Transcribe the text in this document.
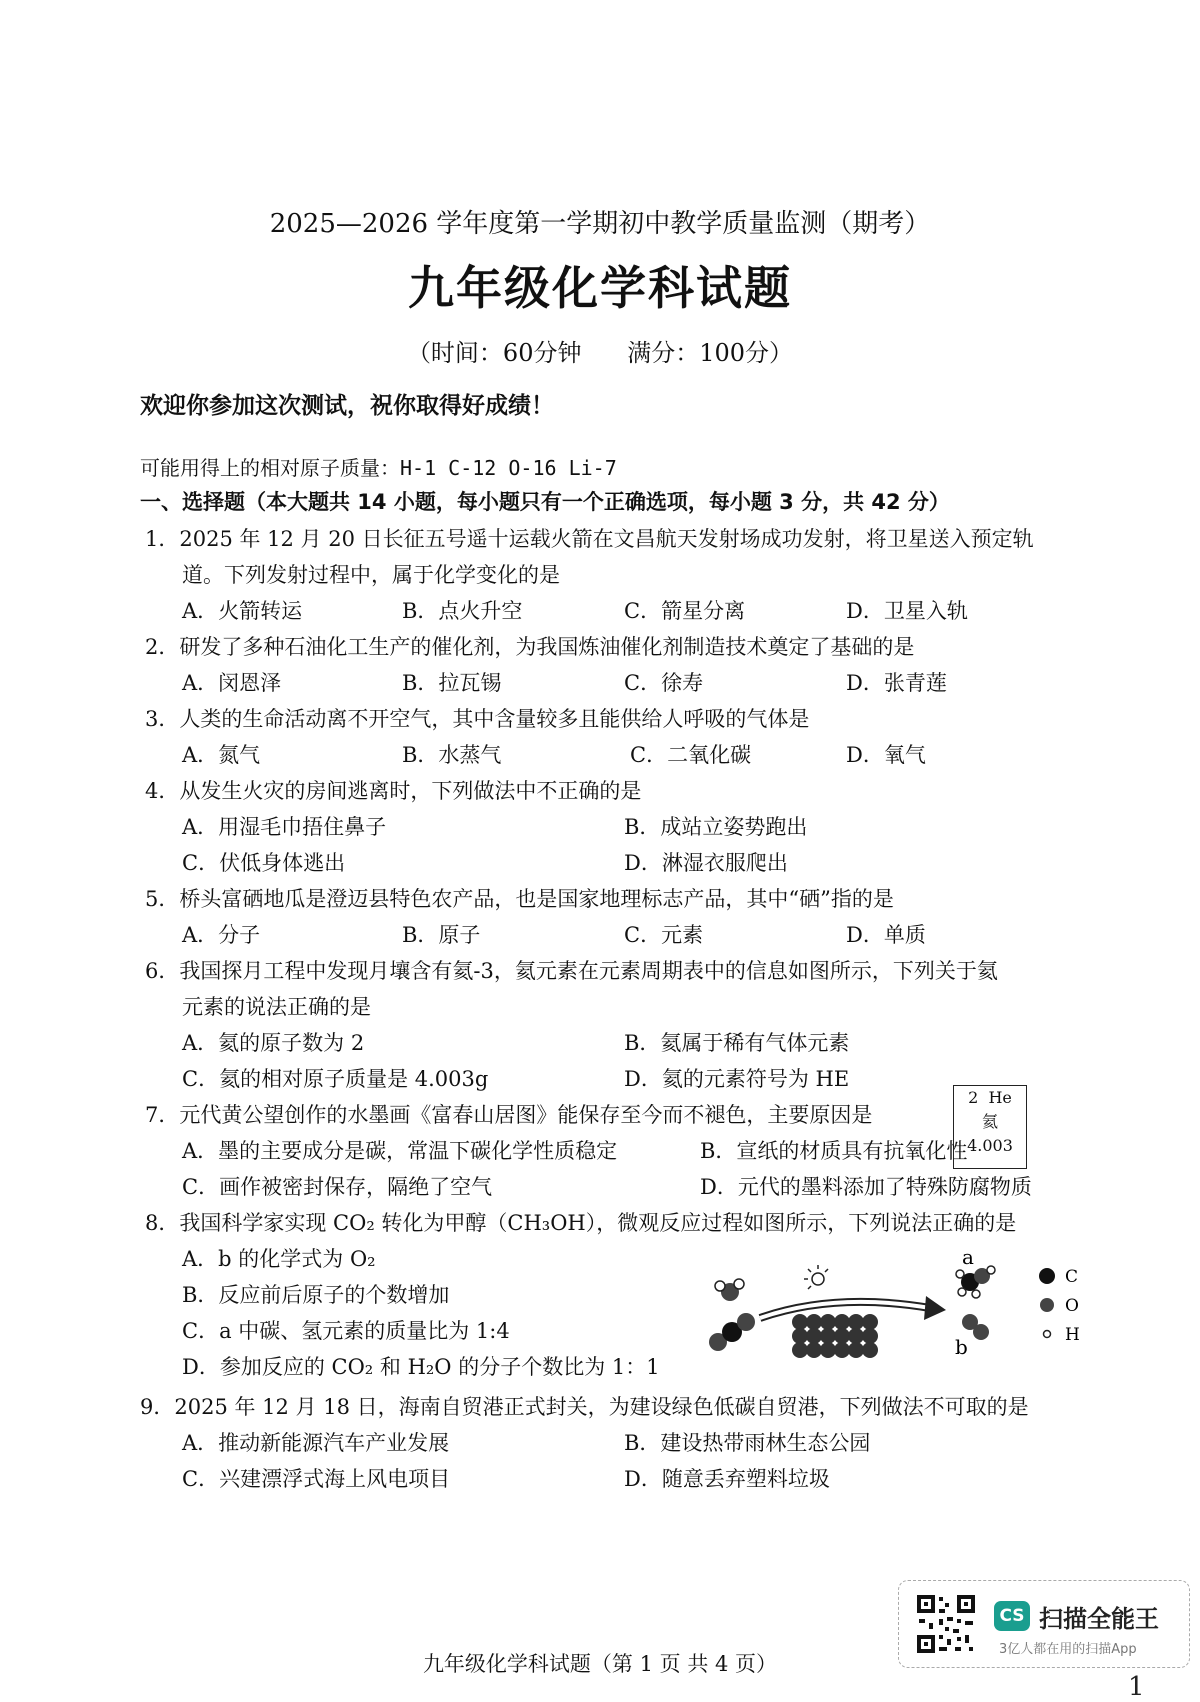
2025—2026 学年度第一学期初中教学质量监测（期考）
九年级化学科试题
（时间：60分钟      满分：100分）
欢迎你参加这次测试，祝你取得好成绩！
可能用得上的相对原子质量：H-1 C-12 O-16 Li-7
一、选择题（本大题共 14 小题，每小题只有一个正确选项，每小题 3 分，共 42 分）
1．2025 年 12 月 20 日长征五号遥十运载火箭在文昌航天发射场成功发射，将卫星送入预定轨
道。下列发射过程中，属于化学变化的是
A．火箭转运	B．点火升空	C．箭星分离	D．卫星入轨
2．研发了多种石油化工生产的催化剂，为我国炼油催化剂制造技术奠定了基础的是
A．闵恩泽	B．拉瓦锡	C．徐寿	D．张青莲
3．人类的生命活动离不开空气，其中含量较多且能供给人呼吸的气体是
A．氮气	B．水蒸气	C．二氧化碳	D．氧气
4．从发生火灾的房间逃离时，下列做法中不正确的是
A．用湿毛巾捂住鼻子	B．成站立姿势跑出
C．伏低身体逃出	D．淋湿衣服爬出
5．桥头富硒地瓜是澄迈县特色农产品，也是国家地理标志产品，其中“硒”指的是
A．分子	B．原子	C．元素	D．单质
6．我国探月工程中发现月壤含有氦-3，氦元素在元素周期表中的信息如图所示，下列关于氦
元素的说法正确的是
A．氦的原子数为 2	B．氦属于稀有气体元素
C．氦的相对原子质量是 4.003g	D．氦的元素符号为 HE
2  He
氦
4.003
7．元代黄公望创作的水墨画《富春山居图》能保存至今而不褪色，主要原因是
A．墨的主要成分是碳，常温下碳化学性质稳定	B．宣纸的材质具有抗氧化性
C．画作被密封保存，隔绝了空气	D．元代的墨料添加了特殊防腐物质
8．我国科学家实现 CO₂ 转化为甲醇（CH₃OH），微观反应过程如图所示，下列说法正确的是
A．b 的化学式为 O₂
B．反应前后原子的个数增加
C．a 中碳、氢元素的质量比为 1:4
D．参加反应的 CO₂ 和 H₂O 的分子个数比为 1：1
a
b
C
O
H
9．2025 年 12 月 18 日，海南自贸港正式封关，为建设绿色低碳自贸港，下列做法不可取的是
A．推动新能源汽车产业发展	B．建设热带雨林生态公园
C．兴建漂浮式海上风电项目	D．随意丢弃塑料垃圾
九年级化学科试题（第 1 页 共 4 页）
CS 扫描全能王
3亿人都在用的扫描App
1
